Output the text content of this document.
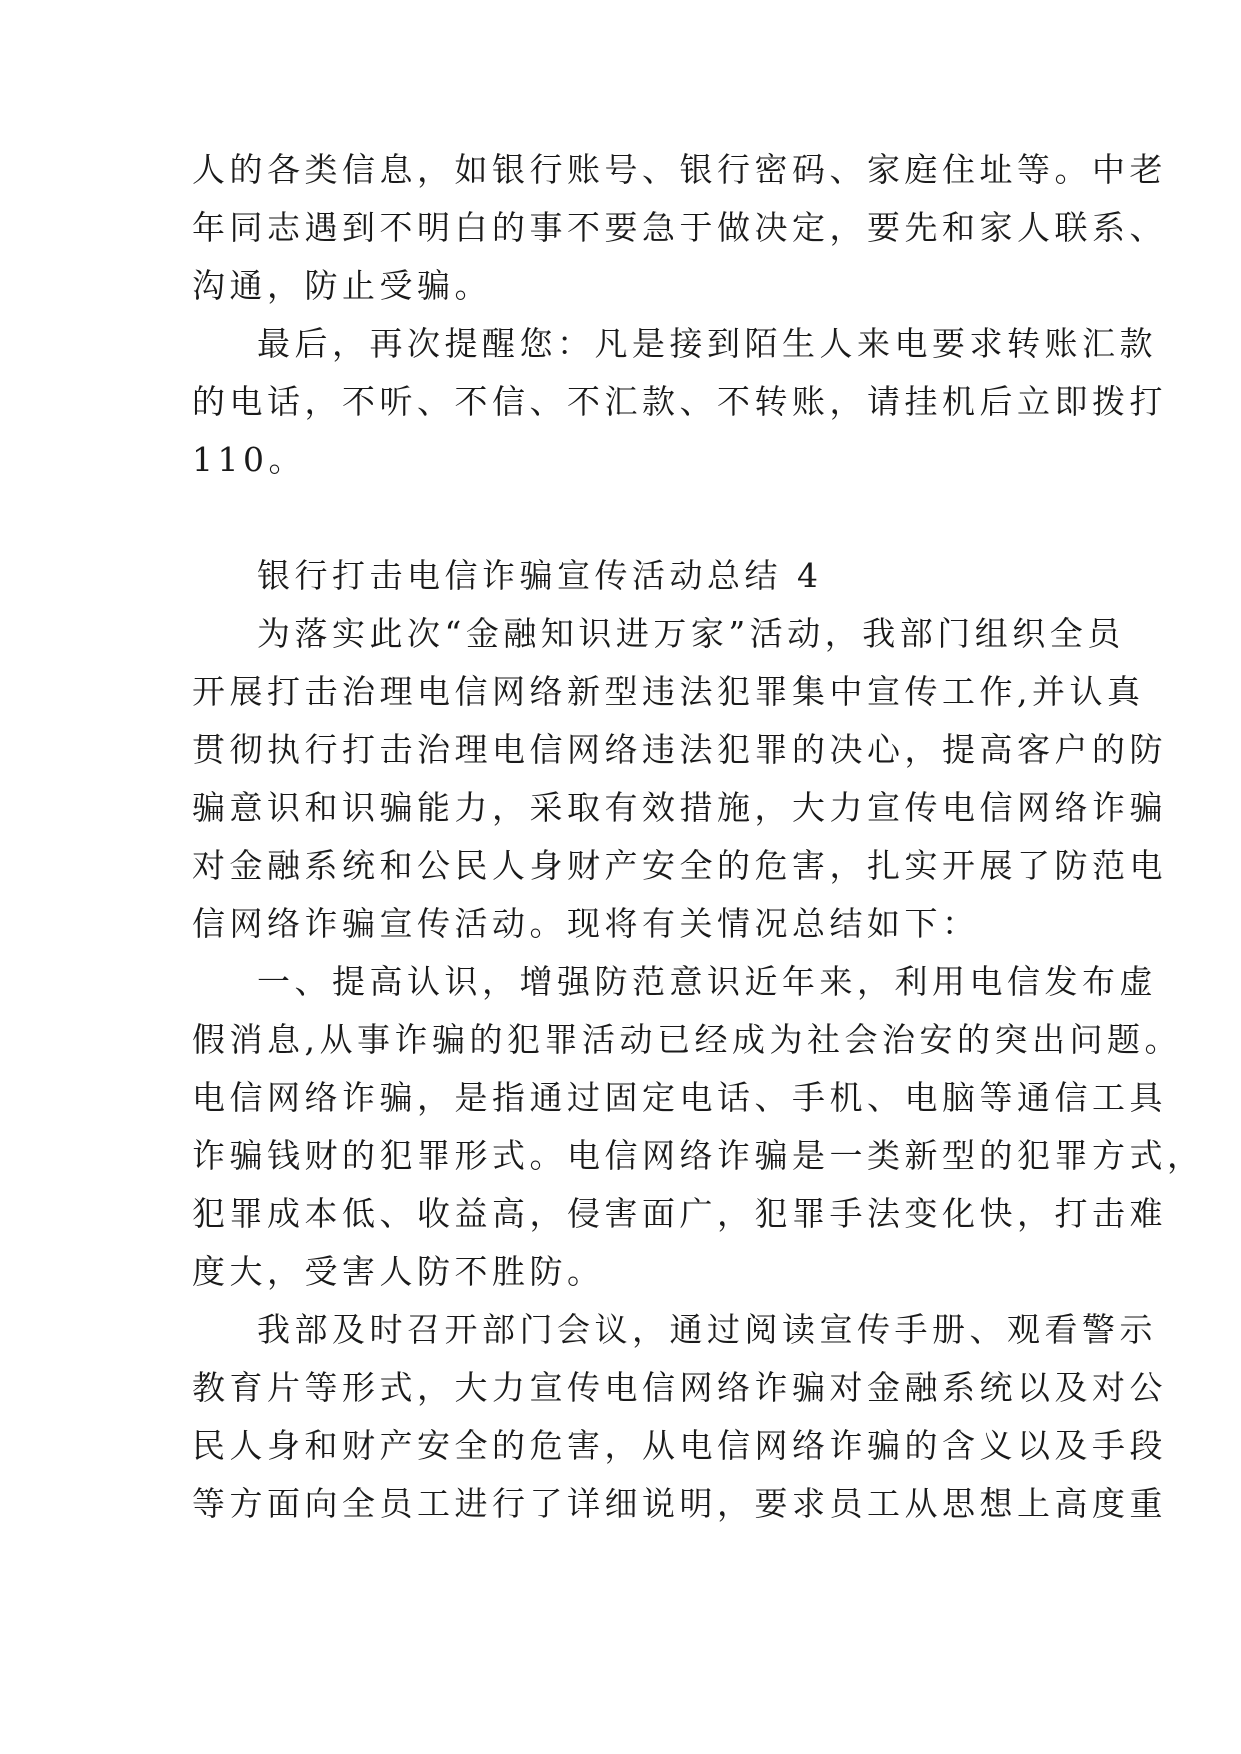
人的各类信息，如银行账号、银行密码、家庭住址等。中老
年同志遇到不明白的事不要急于做决定，要先和家人联系、
沟通，防止受骗。
最后，再次提醒您：凡是接到陌生人来电要求转账汇款
的电话，不听、不信、不汇款、不转账，请挂机后立即拨打
110。
银行打击电信诈骗宣传活动总结 4
为落实此次“金融知识进万家”活动，我部门组织全员
开展打击治理电信网络新型违法犯罪集中宣传工作,并认真
贯彻执行打击治理电信网络违法犯罪的决心，提高客户的防
骗意识和识骗能力，采取有效措施，大力宣传电信网络诈骗
对金融系统和公民人身财产安全的危害，扎实开展了防范电
信网络诈骗宣传活动。现将有关情况总结如下：
一、提高认识，增强防范意识近年来，利用电信发布虚
假消息,从事诈骗的犯罪活动已经成为社会治安的突出问题。
电信网络诈骗，是指通过固定电话、手机、电脑等通信工具
诈骗钱财的犯罪形式。电信网络诈骗是一类新型的犯罪方式，
犯罪成本低、收益高，侵害面广，犯罪手法变化快，打击难
度大，受害人防不胜防。
我部及时召开部门会议，通过阅读宣传手册、观看警示
教育片等形式，大力宣传电信网络诈骗对金融系统以及对公
民人身和财产安全的危害，从电信网络诈骗的含义以及手段
等方面向全员工进行了详细说明，要求员工从思想上高度重
